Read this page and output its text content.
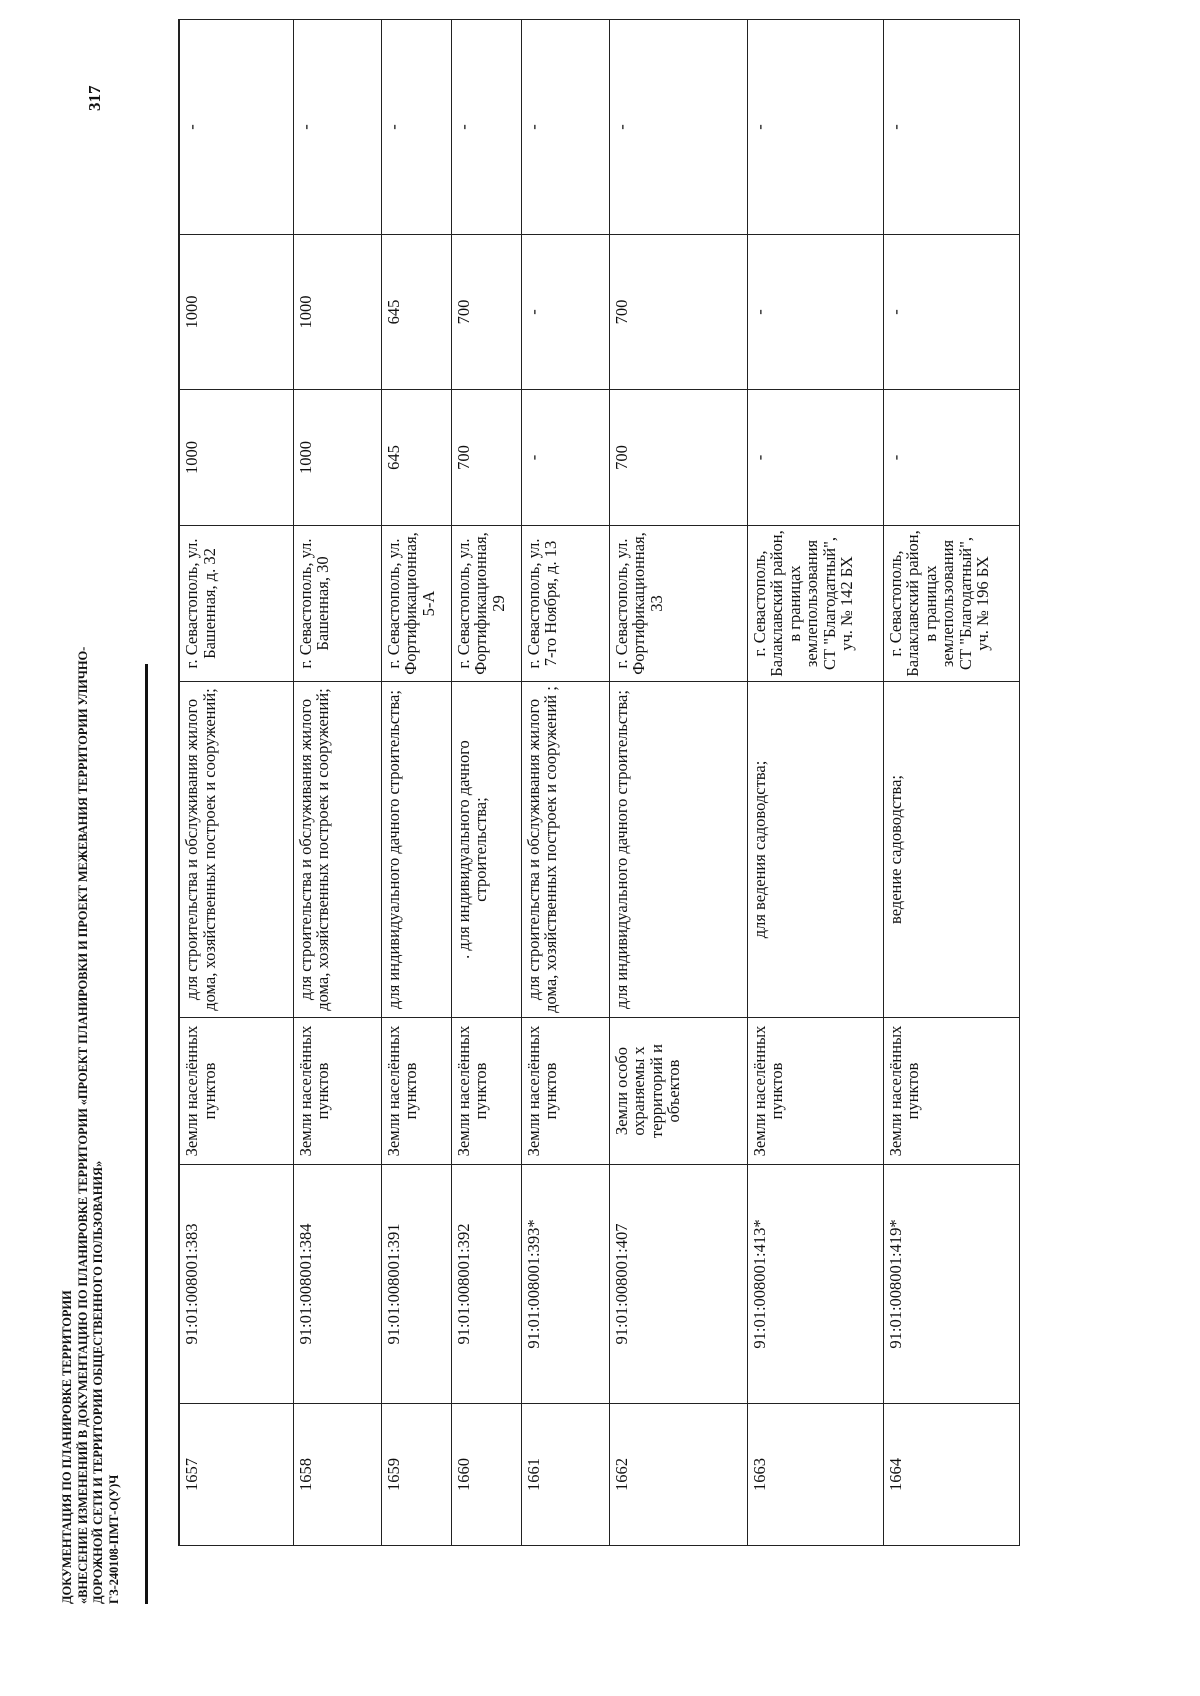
ДОКУМЕНТАЦИЯ ПО ПЛАНИРОВКЕ ТЕРРИТОРИИ «ВНЕСЕНИЕ ИЗМЕНЕНИЙ В ДОКУМЕНТАЦИЮ ПО ПЛАНИРОВКЕ ТЕРРИТОРИИ «ПРОЕКТ ПЛАНИРОВКИ И ПРОЕКТ МЕЖЕВАНИЯ ТЕРРИТОРИИ УЛИЧНО- ДОРОЖНОЙ СЕТИ И ТЕРРИТОРИИ ОБЩЕСТВЕННОГО ПОЛЬЗОВАНИЯ» ГЗ-240108-ПМТ-О(У)Ч
317
1657	91:01:008001:383	Земли населённых пунктов	для строительства и обслуживания жилого дома, хозяйственных построек и сооружений;	г. Севастополь, ул. Башенная, д. 32	1000	1000	-
1658	91:01:008001:384	Земли населённых пунктов	для строительства и обслуживания жилого дома, хозяйственных построек и сооружений;	г. Севастополь, ул. Башенная, 30	1000	1000	-
1659	91:01:008001:391	Земли населённых пунктов	для индивидуального дачного строительства;	г. Севастополь, ул. Фортификационная, 5-А	645	645	-
1660	91:01:008001:392	Земли населённых пунктов	. для индивидуального дачного строительства;	г. Севастополь, ул. Фортификационная, 29	700	700	-
1661	91:01:008001:393*	Земли населённых пунктов	для строительства и обслуживания жилого дома, хозяйственных построек и сооружений ;	г. Севастополь, ул. 7-го Ноября, д. 13	-	-	-
1662	91:01:008001:407	Земли особо охраняемы х территорий и объектов	для индивидуального дачного строительства;	г. Севастополь, ул. Фортификационная, 33	700	700	-
1663	91:01:008001:413*	Земли населённых пунктов	для ведения садоводства;	г. Севастополь, Балаклавский район, в границах землепользования СТ "Благодатный", уч. № 142 БХ	-	-	-
1664	91:01:008001:419*	Земли населённых пунктов	ведение садоводства;	г. Севастополь, Балаклавский район, в границах землепользования СТ "Благодатный", уч. № 196 БХ	-	-	-
